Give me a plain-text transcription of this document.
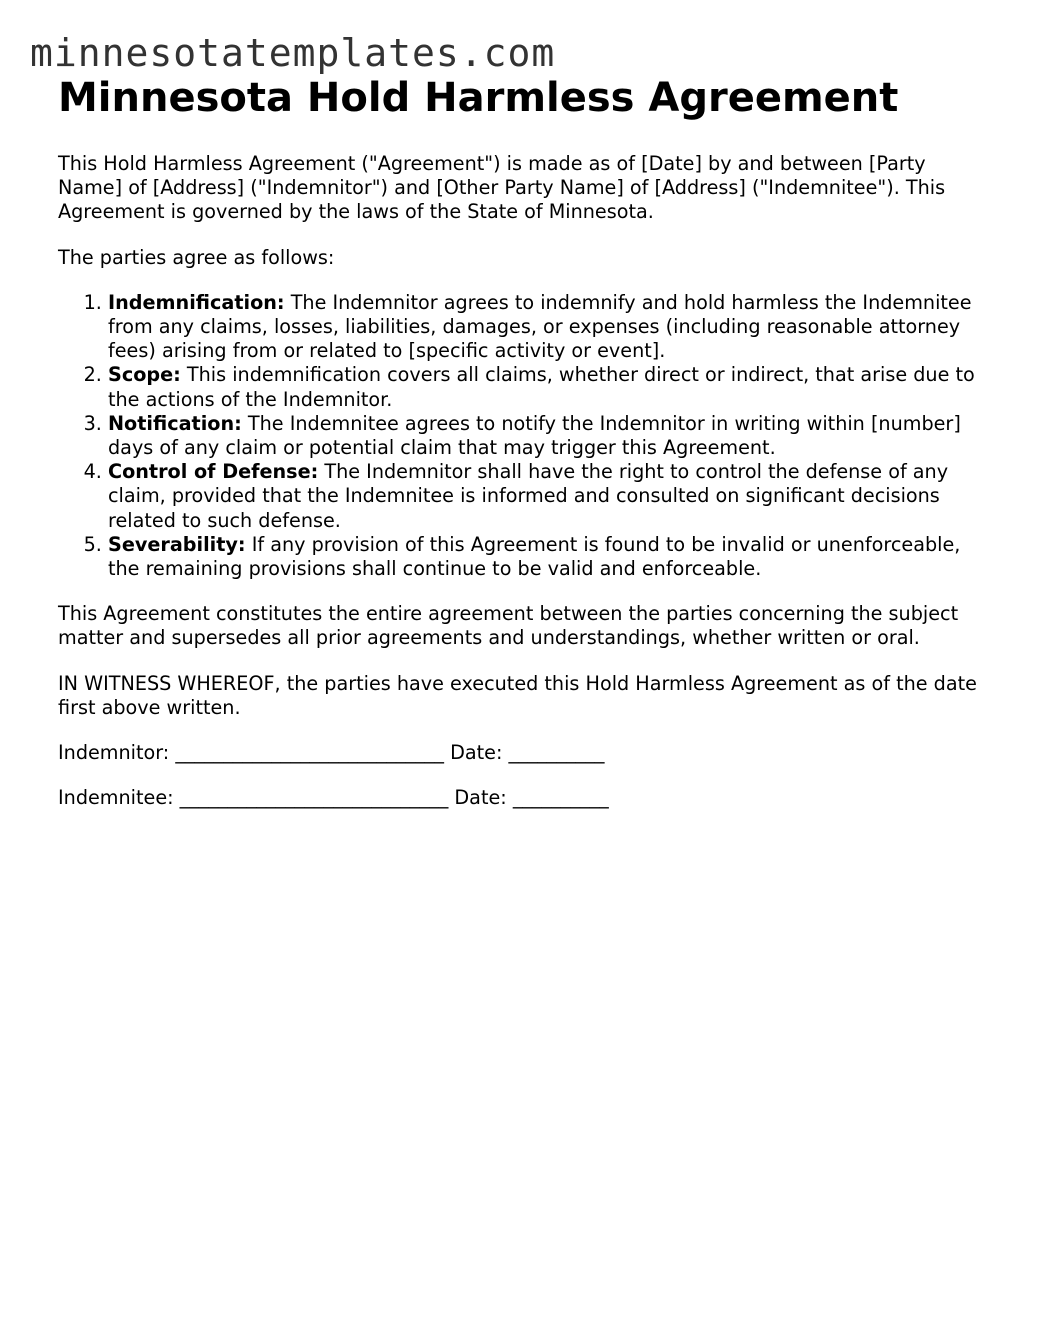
minnesotatemplates.com
Minnesota Hold Harmless Agreement

This Hold Harmless Agreement ("Agreement") is made as of [Date] by and between [Party Name] of [Address] ("Indemnitor") and [Other Party Name] of [Address] ("Indemnitee"). This Agreement is governed by the laws of the State of Minnesota.

The parties agree as follows:

1. Indemnification: The Indemnitor agrees to indemnify and hold harmless the Indemnitee from any claims, losses, liabilities, damages, or expenses (including reasonable attorney fees) arising from or related to [specific activity or event].
2. Scope: This indemnification covers all claims, whether direct or indirect, that arise due to the actions of the Indemnitor.
3. Notification: The Indemnitee agrees to notify the Indemnitor in writing within [number] days of any claim or potential claim that may trigger this Agreement.
4. Control of Defense: The Indemnitor shall have the right to control the defense of any claim, provided that the Indemnitee is informed and consulted on significant decisions related to such defense.
5. Severability: If any provision of this Agreement is found to be invalid or unenforceable, the remaining provisions shall continue to be valid and enforceable.

This Agreement constitutes the entire agreement between the parties concerning the subject matter and supersedes all prior agreements and understandings, whether written or oral.

IN WITNESS WHEREOF, the parties have executed this Hold Harmless Agreement as of the date first above written.

Indemnitor: ____________________________ Date: __________

Indemnitee: ____________________________ Date: __________
